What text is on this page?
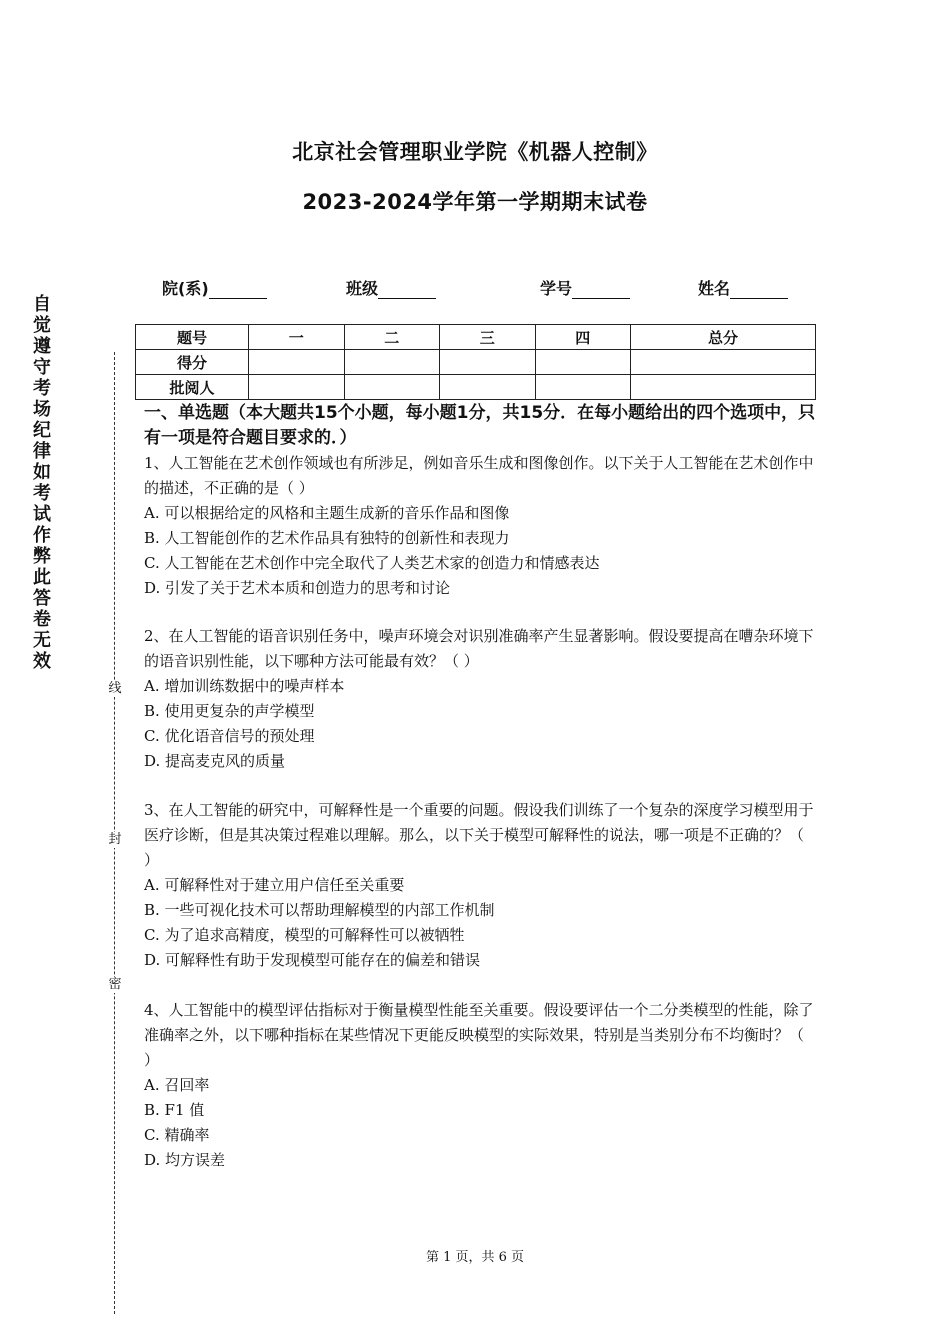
北京社会管理职业学院《机器人控制》
2023-2024学年第一学期期末试卷
院(系)	班级	学号	姓名
题号	一	二	三	四	总分
得分					
批阅人					
自觉遵守考场纪律如考试作弊此答卷无效
线
封
密
一、单选题（本大题共15个小题，每小题1分，共15分．在每小题给出的四个选项中，只有一项是符合题目要求的．）
1、人工智能在艺术创作领域也有所涉足，例如音乐生成和图像创作。以下关于人工智能在艺术创作中的描述，不正确的是（ ）
A. 可以根据给定的风格和主题生成新的音乐作品和图像
B. 人工智能创作的艺术作品具有独特的创新性和表现力
C. 人工智能在艺术创作中完全取代了人类艺术家的创造力和情感表达
D. 引发了关于艺术本质和创造力的思考和讨论
2、在人工智能的语音识别任务中，噪声环境会对识别准确率产生显著影响。假设要提高在嘈杂环境下的语音识别性能，以下哪种方法可能最有效？（ ）
A. 增加训练数据中的噪声样本
B. 使用更复杂的声学模型
C. 优化语音信号的预处理
D. 提高麦克风的质量
3、在人工智能的研究中，可解释性是一个重要的问题。假设我们训练了一个复杂的深度学习模型用于医疗诊断，但是其决策过程难以理解。那么，以下关于模型可解释性的说法，哪一项是不正确的？（ ）
A. 可解释性对于建立用户信任至关重要
B. 一些可视化技术可以帮助理解模型的内部工作机制
C. 为了追求高精度，模型的可解释性可以被牺牲
D. 可解释性有助于发现模型可能存在的偏差和错误
4、人工智能中的模型评估指标对于衡量模型性能至关重要。假设要评估一个二分类模型的性能，除了准确率之外，以下哪种指标在某些情况下更能反映模型的实际效果，特别是当类别分布不均衡时？（ ）
A. 召回率
B. F1 值
C. 精确率
D. 均方误差
第 1 页，共 6 页
